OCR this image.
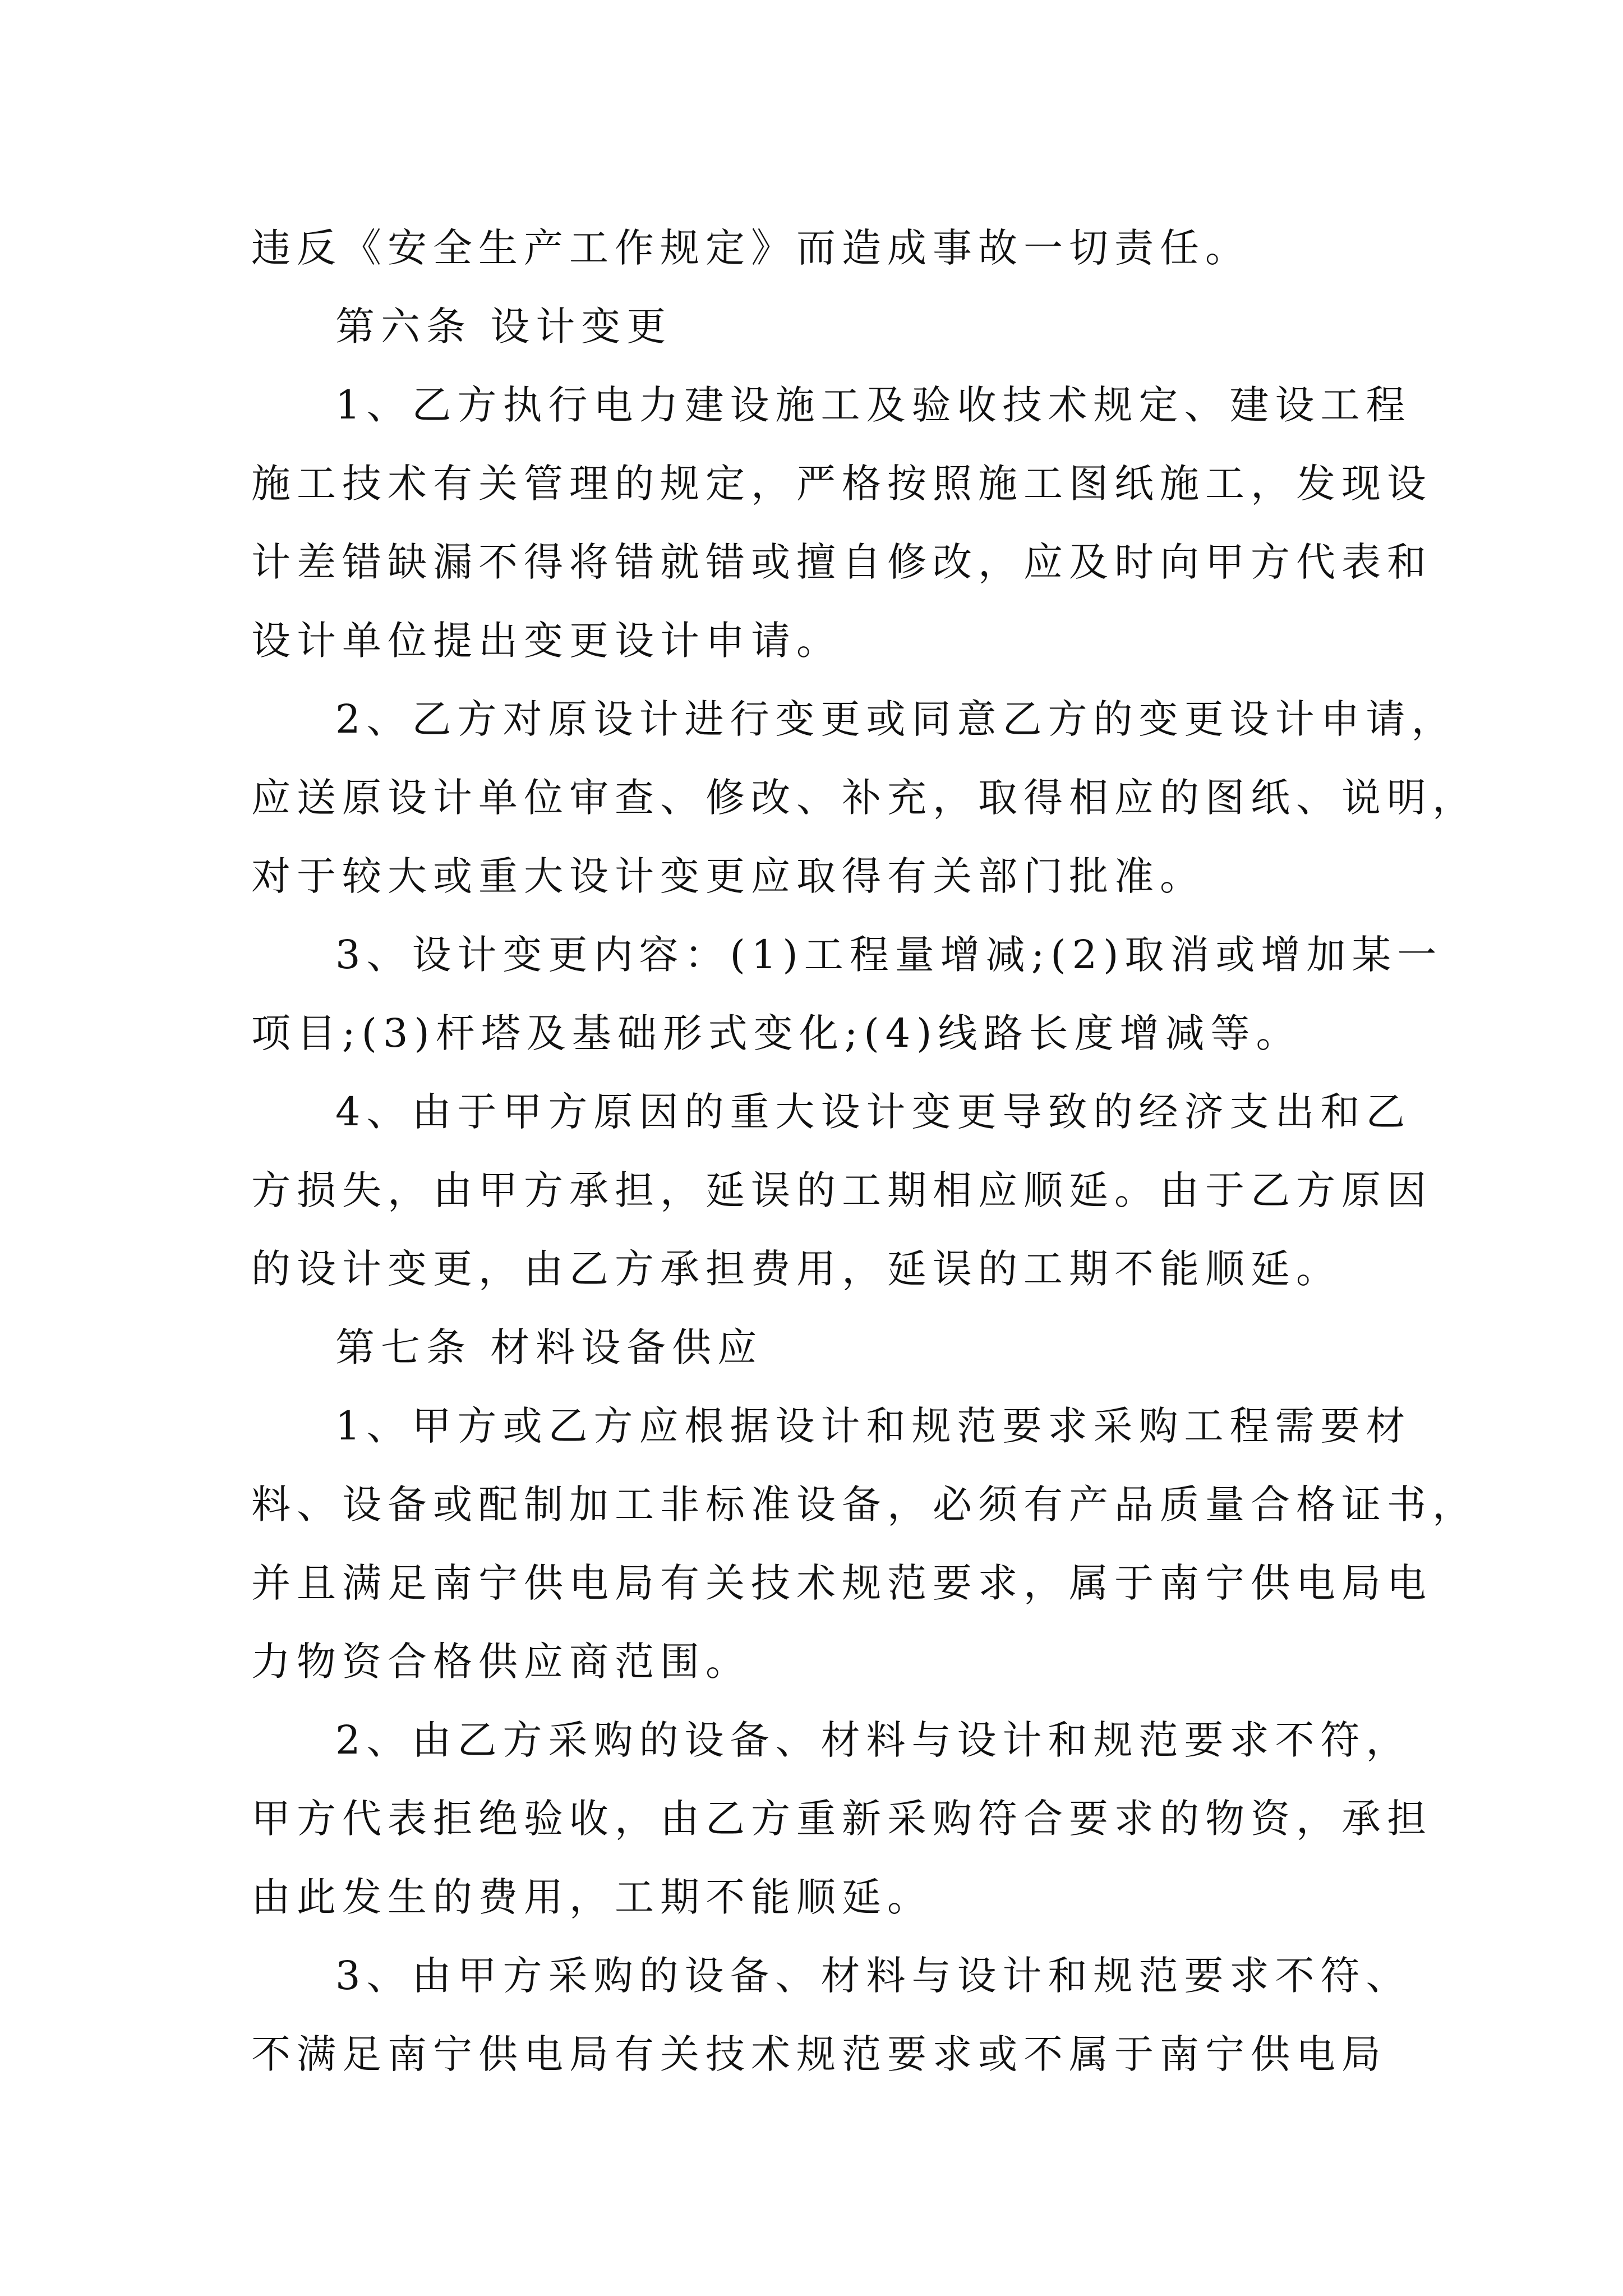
违反《安全生产工作规定》而造成事故一切责任。
第六条 设计变更
1、乙方执行电力建设施工及验收技术规定、建设工程
施工技术有关管理的规定，严格按照施工图纸施工，发现设
计差错缺漏不得将错就错或擅自修改，应及时向甲方代表和
设计单位提出变更设计申请。
2、乙方对原设计进行变更或同意乙方的变更设计申请，
应送原设计单位审查、修改、补充，取得相应的图纸、说明，
对于较大或重大设计变更应取得有关部门批准。
3、设计变更内容：(1)工程量增减;(2)取消或增加某一
项目;(3)杆塔及基础形式变化;(4)线路长度增减等。
4、由于甲方原因的重大设计变更导致的经济支出和乙
方损失，由甲方承担，延误的工期相应顺延。由于乙方原因
的设计变更，由乙方承担费用，延误的工期不能顺延。
第七条 材料设备供应
1、甲方或乙方应根据设计和规范要求采购工程需要材
料、设备或配制加工非标准设备，必须有产品质量合格证书，
并且满足南宁供电局有关技术规范要求，属于南宁供电局电
力物资合格供应商范围。
2、由乙方采购的设备、材料与设计和规范要求不符，
甲方代表拒绝验收，由乙方重新采购符合要求的物资，承担
由此发生的费用，工期不能顺延。
3、由甲方采购的设备、材料与设计和规范要求不符、
不满足南宁供电局有关技术规范要求或不属于南宁供电局
